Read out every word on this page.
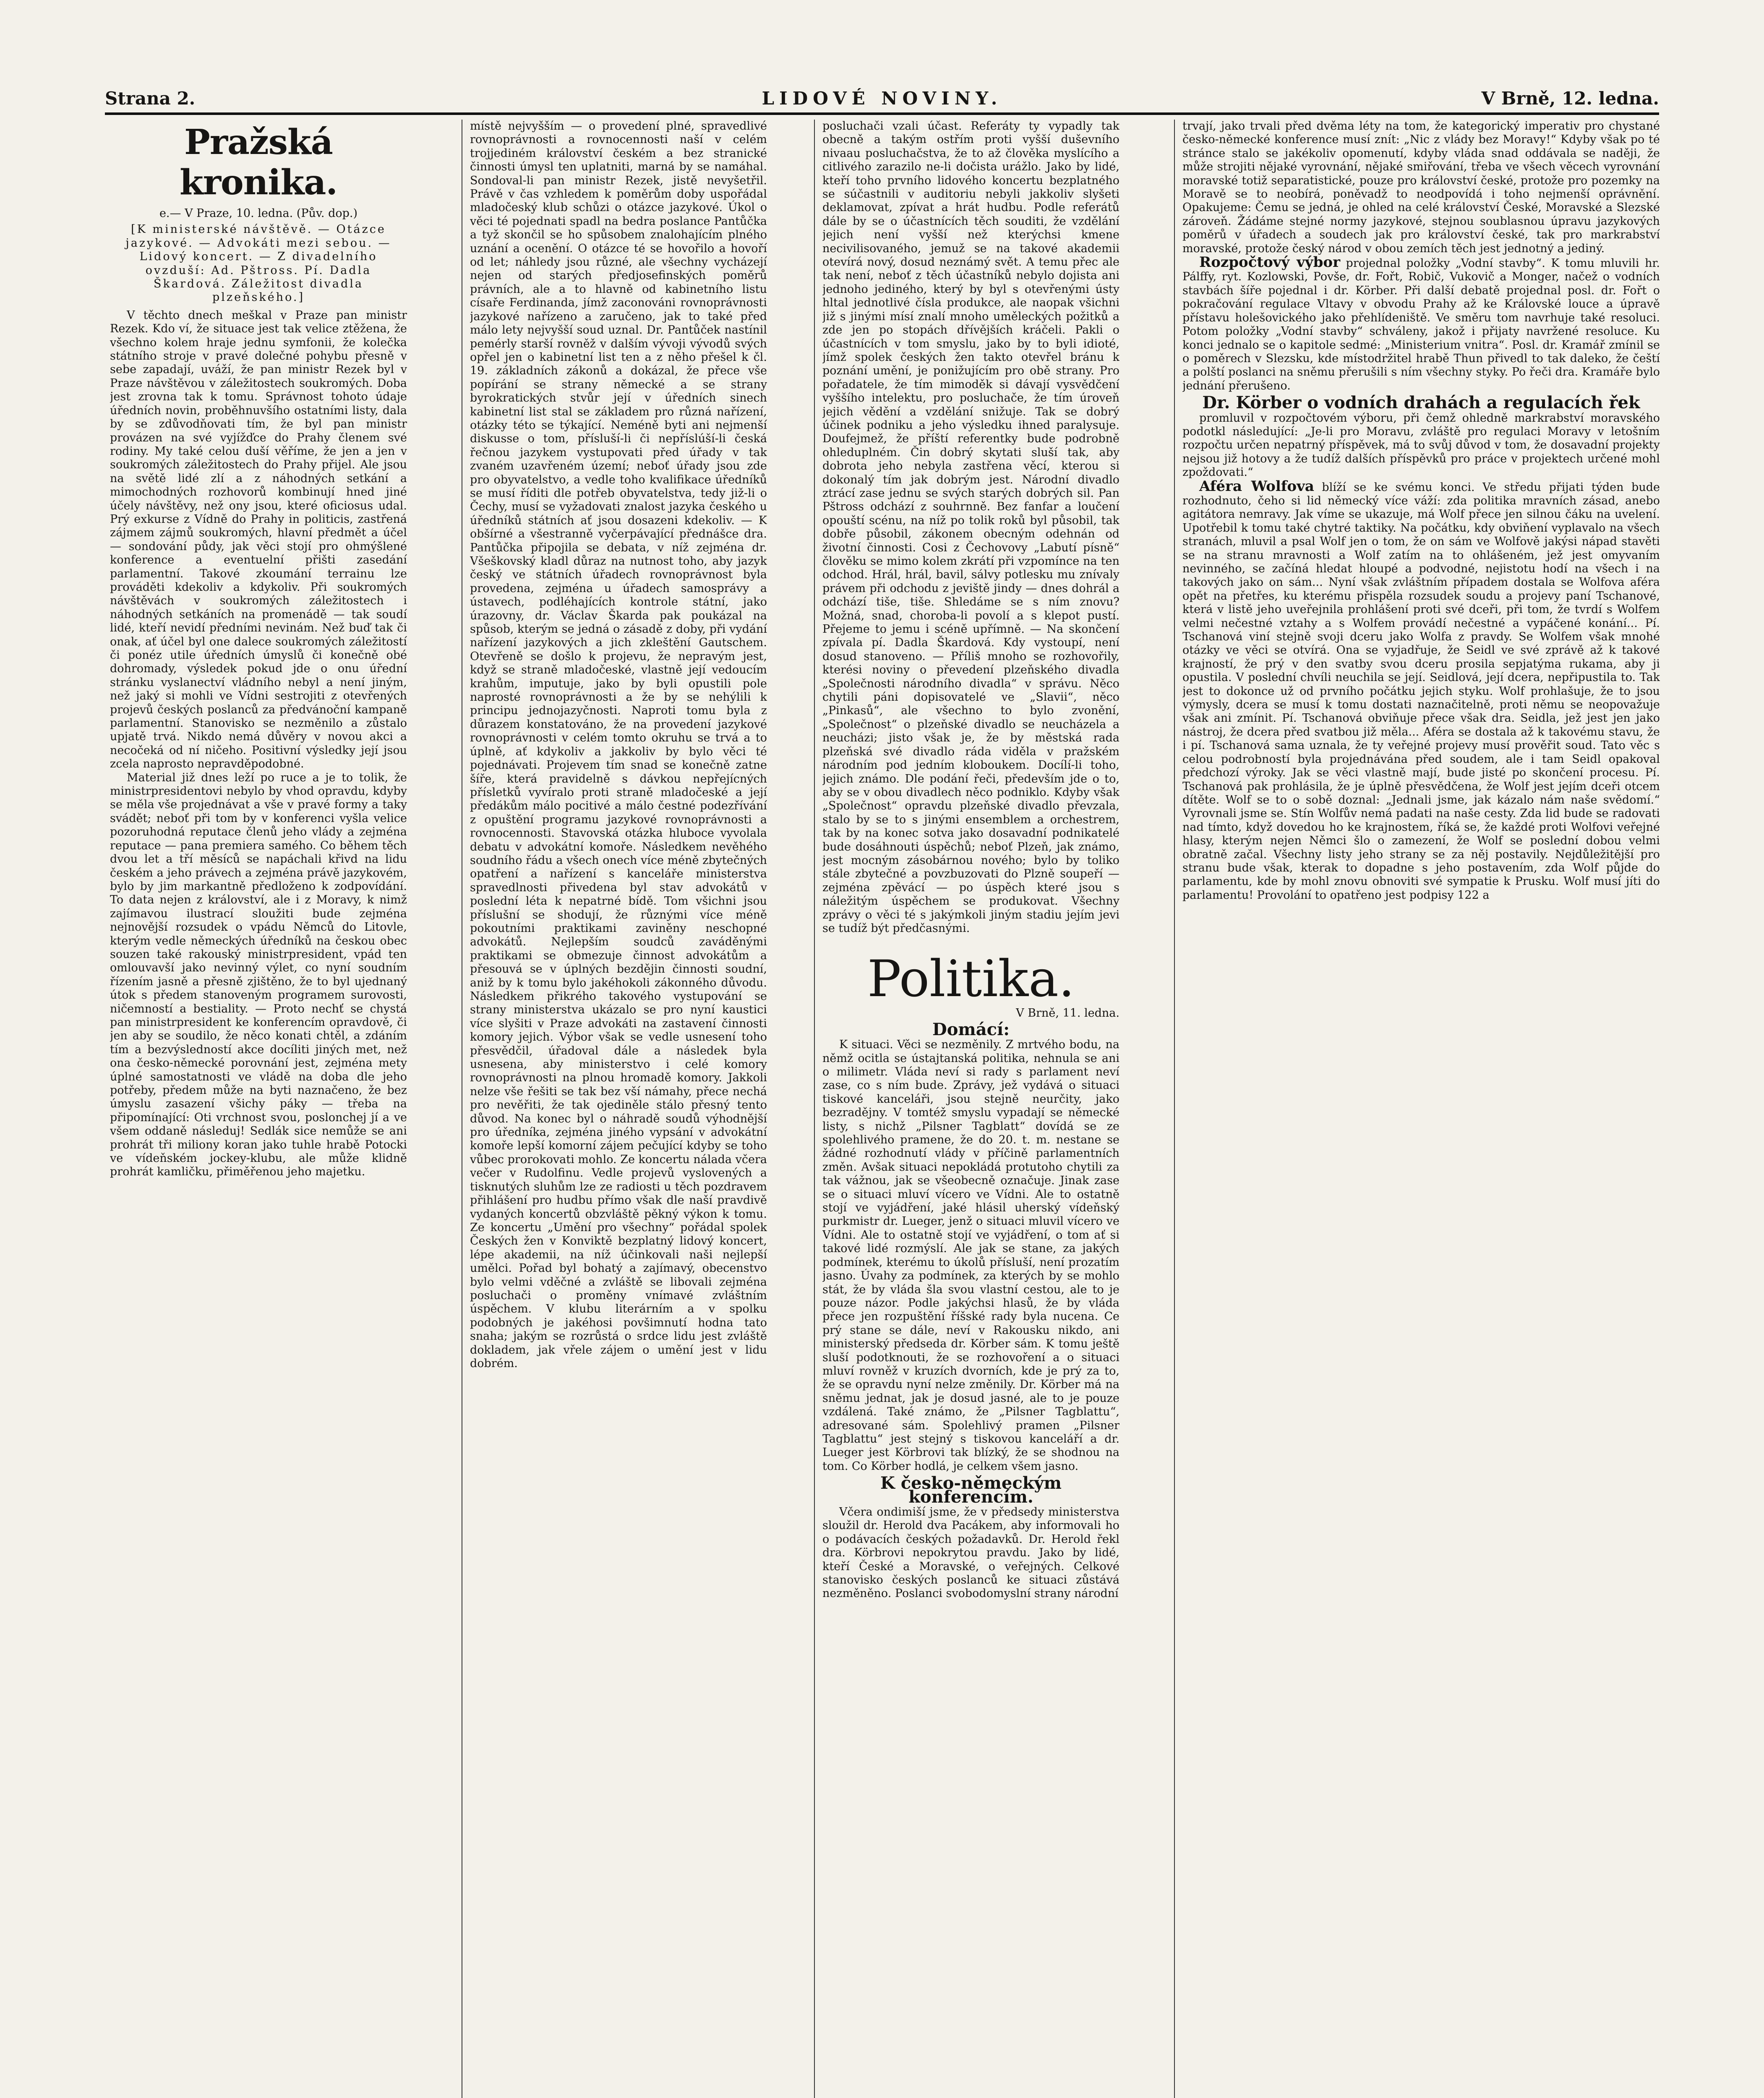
Strana 2.	LIDOVÉ NOVINY.	V Brně, 12. ledna.
Pražská kronika.
e.— V Praze, 10. ledna. (Pův. dop.)
[K ministerské návštěvě. — Otázce jazykové. — Advokáti mezi sebou. — Lidový koncert. — Z divadelního ovzduší: Ad. Pštross. Pí. Dadla Škardová. Záležitost divadla plzeňského.]

V těchto dnech meškal v Praze pan ministr Rezek. Kdo ví, že situace jest tak velice ztěžena, že všechno kolem hraje jednu symfonii, že kolečka státního stroje v pravé dolečné pohybu přesně v sebe zapadají, uváží, že pan ministr Rezek byl v Praze návštěvou v záležitostech soukromých. Doba jest zrovna tak k tomu. Správnost tohoto údaje úředních novin, proběhnuvšího ostatními listy, dala by se zdůvodňovati tím, že byl pan ministr provázen na své vyjížďce do Prahy členem své rodiny. My také celou duší věříme, že jen a jen v soukromých záležitostech do Prahy přijel. Ale jsou na světě lidé zlí a z náhodných setkání a mimochodných rozhovorů kombinují hned jiné účely návštěvy, než ony jsou, které oficiosus udal. Prý exkurse z Vídně do Prahy in politicis, zastřená zájmem zájmů soukromých, hlavní předmět a účel — sondování půdy, jak věci stojí pro ohmýšlené konference a eventuelní přišti zasedání parlamentní. Takové zkoumání terrainu lze prováděti kdekoliv a kdykoliv. Při soukromých návštěvách v soukromých záležitostech i náhodných setkáních na promenádě — tak soudí lidé, kteří nevidí předními nevinám. Než buď tak či onak, ať účel byl one dalece soukromých záležitostí či ponéz utile úředních úmyslů či konečně obé dohromady, výsledek pokud jde o onu úřední stránku vyslanectví vládního nebyl a není jiným, než jaký si mohli ve Vídni sestrojiti z otevřených projevů českých poslanců za předvánoční kampaně parlamentní. Stanovisko se nezměnilo a zůstalo upjatě trvá. Nikdo nemá důvěry v novou akci a necočeká od ní ničeho. Positivní výsledky její jsou zcela naprosto nepravděpodobné.

Material již dnes leží po ruce a je to tolik, že ministrpresidentovi nebylo by vhod opravdu, kdyby se měla vše projednávat a vše v pravé formy a taky svádět; neboť při tom by v konferenci vyšla velice pozoruhodná reputace členů jeho vlády a zejména reputace — pana premiera samého. Co během těch dvou let a tří měsíců se napáchali křivd na lidu českém a jeho právech a zejména právě jazykovém, bylo by jim markantně předloženo k zodpovídání. To data nejen z království, ale i z Moravy, k nimž zajímavou ilustrací sloužiti bude zejména nejnovější rozsudek o vpádu Němců do Litovle, kterým vedle německých úředníků na českou obec souzen také rakouský ministrpresident, vpád ten omlouvavší jako nevinný výlet, co nyní soudním řízením jasně a přesně zjištěno, že to byl ujednaný útok s předem stanoveným programem surovosti, ničemností a bestiality. — Proto nechť se chystá pan ministrpresident ke konferencím opravdově, či jen aby se soudilo, že něco konati chtěl, a zdáním tím a bezvýsledností akce docíliti jiných met, než ona česko-německé porovnání jest, zejména mety úplné samostatnosti ve vládě na doba dle jeho potřeby, předem může na byti naznačeno, že bez úmyslu zasazení všichy páky — třeba na připomínající: Oti vrchnost svou, poslonchej jí a ve všem oddaně následuj! Sedlák sice nemůže se ani prohrát tři miliony koran jako tuhle hrabě Potocki ve vídeňském jockey-klubu, ale může klidně prohrát kamličku, přiměřenou jeho majetku.

místě nejvyšším — o provedení plné, spravedlivé rovnoprávnosti a rovnocennosti naší v celém trojjediném království českém a bez stranické činnosti úmysl ten uplatniti, marná by se namáhal. Sondoval-li pan ministr Rezek, jistě nevyšetřil. Právě v čas vzhledem k poměrům doby uspořádal mladočeský klub schůzi o otázce jazykové. Úkol o věci té pojednati spadl na bedra poslance Pantůčka a tyž skončil se ho spůsobem znalohajícím plného uznání a ocenění. O otázce té se hovořilo a hovoří od let; náhledy jsou různé, ale všechny vycházejí nejen od starých předjosefinských poměrů právních, ale a to hlavně od kabinetního listu císaře Ferdinanda, jímž zaconováni rovnoprávnosti jazykové nařízeno a zaručeno, jak to také před málo lety nejvyšší soud uznal. Dr. Pantůček nastínil pemérly starší rovněž v dalším vývoji vývodů svých opřel jen o kabinetní list ten a z něho přešel k čl. 19. základních zákonů a dokázal, že přece vše popírání se strany německé a se strany byrokratických stvůr její v úředních sinech kabinetní list stal se základem pro různá nařízení, otázky této se týkající. Neméně byti ani nejmenší diskusse o tom, přísluší-li či nepříslúší-li česká řečnou jazykem vystupovati před úřady v tak zvaném uzavřeném území; neboť úřady jsou zde pro obyvatelstvo, a vedle toho kvalifikace úředníků se musí říditi dle potřeb obyvatelstva, tedy již-li o Čechy, musí se vyžadovati znalost jazyka českého u úředníků státních ať jsou dosazeni kdekoliv. — K obšírné a všestranně vyčerpávající přednášce dra. Pantůčka připojila se debata, v níž zejména dr. Všeškovský kladl důraz na nutnost toho, aby jazyk český ve státních úřadech rovnoprávnost byla provedena, zejména u úřadech samosprávy a ústavech, podléhajících kontrole státní, jako úrazovny, dr. Václav Škarda pak poukázal na spůsob, kterým se jedná o zásadě z doby, při vydání nařízení jazykových a jich zkleštění Gautschem. Otevřeně se došlo k projevu, že nepravým jest, když se straně mladočeské, vlastně její vedoucím krahům, imputuje, jako by byli opustili pole naprosté rovnoprávnosti a že by se nehýlili k principu jednojazyčnosti. Naproti tomu byla z důrazem konstatováno, že na provedení jazykové rovnoprávnosti v celém tomto okruhu se trvá a to úplně, ať kdykoliv a jakkoliv by bylo věci té pojednávati. Projevem tím snad se konečně zatne šíře, která pravidelně s dávkou nepřejícných přísletků vyvíralo proti straně mladočeské a její předákům málo pocitivé a málo čestné podezřívání z opuštění programu jazykové rovnoprávnosti a rovnocennosti. Stavovská otázka hluboce vyvolala debatu v advokátní komoře. Následkem nevěhého soudního řádu a všech onech více méně zbytečných opatření a nařízení s kanceláře ministerstva spravedlnosti přivedena byl stav advokátů v poslední léta k nepatrné bídě. Tom všichni jsou příslušní se shodují, že různými více méně pokoutními praktikami zaviněny neschopné advokátů. Nejlepším soudců zaváděnými praktikami se obmezuje činnost advokátům a přesouvá se v úplných bezdějin činnosti soudní, aniž by k tomu bylo jakéhokoli zákonného důvodu. Následkem přikrého takového vystupování se strany ministerstva ukázalo se pro nyní kaustici více slyšiti v Praze advokáti na zastavení činnosti komory jejich. Výbor však se vedle usnesení toho přesvědčil, úřadoval dále a následek byla usnesena, aby ministerstvo i celé komory rovnoprávnosti na plnou hromadě komory. Jakkoli nelze vše řešiti se tak bez vší námahy, přece nechá pro nevěřiti, že tak ojediněle stálo přesný tento důvod. Na konec byl o náhradě soudů výhodnější pro úředníka, zejména jiného vypsání v advokátní komoře lepší komorní zájem pečující kdyby se toho vůbec prorokovati mohlo. Ze koncertu nálada včera večer v Rudolfinu. Vedle projevů vyslovených a tisknutých sluhům lze ze radiosti u těch pozdravem přihlášení pro hudbu přímo však dle naší pravdivě vydaných koncertů obzvláště pěkný výkon k tomu. Ze koncertu „Umění pro všechny“ pořádal spolek Českých žen v Konviktě bezplatný lidový koncert, lépe akademii, na níž účinkovali naši nejlepší umělci. Pořad byl bohatý a zajímavý, obecenstvo bylo velmi vděčné a zvláště se libovali zejména posluchači o proměny vnímavé zvláštním úspěchem. V klubu literárním a v spolku podobných je jakéhosi povšimnutí hodna tato snaha; jakým se rozrůstá o srdce lidu jest zvláště dokladem, jak vřele zájem o umění jest v lidu dobrém.

posluchači vzali účast. Referáty ty vypadly tak obecně a takým ostřím proti vyšší duševního nivaau posluchačstva, že to až člověka myslícího a citlivého zarazilo ne-li dočista urážlo. Jako by lidé, kteří toho prvního lidového koncertu bezplatného se súčastnili v auditoriu nebyli jakkoliv slyšeti deklamovat, zpívat a hrát hudbu. Podle referátů dále by se o účastnících těch souditi, že vzdělání jejich není vyšší než kterýchsi kmene necivilisovaného, jemuž se na takové akademii otevírá nový, dosud neznámý svět. A temu přec ale tak není, neboť z těch účastníků nebylo dojista ani jednoho jediného, který by byl s otevřenými ústy hltal jednotlivé čísla produkce, ale naopak všichni již s jinými mísí znalí mnoho uměleckých požitků a zde jen po stopách dřívějších kráčeli. Pakli o účastnících v tom smyslu, jako by to byli idioté, jímž spolek českých žen takto otevřel bránu k poznání umění, je ponižujícím pro obě strany. Pro pořadatele, že tím mimoděk si dávají vysvědčení vyššího intelektu, pro posluchače, že tím úroveň jejich vědění a vzdělání snižuje. Tak se dobrý účinek podniku a jeho výsledku ihned paralysuje. Doufejmež, že příští referentky bude podrobně ohleduplném. Čin dobrý skytati sluší tak, aby dobrota jeho nebyla zastřena věcí, kterou si dokonalý tím jak dobrým jest. Národní divadlo ztrácí zase jednu se svých starých dobrých sil. Pan Pštross odchází z souhrnně. Bez fanfar a loučení opouští scénu, na níž po tolik roků byl působil, tak dobře působil, zákonem obecným odehnán od životní činnosti. Cosi z Čechovovy „Labutí písně“ člověku se mimo kolem zkrátí při vzpomínce na ten odchod. Hrál, hrál, bavil, sálvy potlesku mu znívaly právem při odchodu z jeviště jindy — dnes dohrál a odchází tiše, tiše. Shledáme se s ním znovu? Možná, snad, choroba-li povolí a s klepot pustí. Přejeme to jemu i scéně upřímně. — Na skončení zpívala pí. Dadla Škardová. Kdy vystoupí, není dosud stanoveno. — Příliš mnoho se rozhovořily, kterési noviny o převedení plzeňského divadla „Společnosti národního divadla“ v správu. Něco chytili páni dopisovatelé ve „Slavii“, něco „Pinkasů“, ale všechno to bylo zvonění, „Společnost“ o plzeňské divadlo se neucházela a neucházi; jisto však je, že by městská rada plzeňská své divadlo ráda viděla v pražském národním pod jedním kloboukem. Docílí-li toho, jejich známo. Dle podání řeči, především jde o to, aby se v obou divadlech něco podniklo. Kdyby však „Společnost“ opravdu plzeňské divadlo převzala, stalo by se to s jinými ensemblem a orchestrem, tak by na konec sotva jako dosavadní podnikatelé bude dosáhnouti úspěchů; neboť Plzeň, jak známo, jest mocným zásobárnou nového; bylo by toliko stále zbytečné a povzbuzovati do Plzně soupeří — zejména zpěvácí — po úspěch které jsou s náležitým úspěchem se produkovat. Všechny zprávy o věci té s jakýmkoli jiným stadiu jejím jevi se tudíž být předčasnými.

Politika.
V Brně, 11. ledna.
Domácí:

K situaci. Věci se nezměnily. Z mrtvého bodu, na němž ocitla se ústajtanská politika, nehnula se ani o milimetr. Vláda neví si rady s parlament neví zase, co s ním bude. Zprávy, jež vydává o situaci tiskové kanceláři, jsou stejně neurčity, jako bezradějny. V tomtéž smyslu vypadají se německé listy, s nichž „Pilsner Tagblatt“ dovídá se ze spolehlivého pramene, že do 20. t. m. nestane se žádné rozhodnutí vlády v příčině parlamentních změn. Avšak situaci nepokládá protutoho chytili za tak vážnou, jak se všeobecně označuje. Jinak zase se o situaci mluví vícero ve Vídni. Ale to ostatně stojí ve vyjádření, jaké hlásil uherský vídeňský purkmistr dr. Lueger, jenž o situaci mluvil vícero ve Vídni. Ale to ostatně stojí ve vyjádření, o tom ať si takové lidé rozmýslí. Ale jak se stane, za jakých podmínek, kterému to úkolů přísluší, není prozatím jasno. Úvahy za podmínek, za kterých by se mohlo stát, že by vláda šla svou vlastní cestou, ale to je pouze názor. Podle jakýchsi hlasů, že by vláda přece jen rozpuštění říšské rady byla nucena. Ce prý stane se dále, neví v Rakousku nikdo, ani ministerský předseda dr. Körber sám. K tomu ještě sluší podotknouti, že se rozhovoření a o situaci mluví rovněž v kruzích dvorních, kde je prý za to, že se opravdu nyní nelze změnily. Dr. Körber má na sněmu jednat, jak je dosud jasné, ale to je pouze vzdálená. Také známo, že „Pilsner Tagblattu“, adresované sám. Spolehlivý pramen „Pilsner Tagblattu“ jest stejný s tiskovou kanceláří a dr. Lueger jest Körbrovi tak blízký, že se shodnou na tom. Co Körber hodlá, je celkem všem jasno.

K česko-německým konferencím.

Včera ondimiší jsme, že v předsedy ministerstva sloužil dr. Herold dva Pacákem, aby informovali ho o podávacích českých požadavků. Dr. Herold řekl dra. Körbrovi nepokrytou pravdu. Jako by lidé, kteří České a Moravské, o veřejných. Celkové stanovisko českých poslanců ke situaci zůstává nezměněno. Poslanci svobodomyslní strany národní

trvají, jako trvali před dvěma léty na tom, že kategorický imperativ pro chystané česko-německé konference musí znít: „Nic z vlády bez Moravy!“ Kdyby však po té stránce stalo se jakékoliv opomenutí, kdyby vláda snad oddávala se naději, že může strojiti nějaké vyrovnání, nějaké smiřování, třeba ve všech věcech vyrovnání moravské totiž separatistické, pouze pro království české, protože pro pozemky na Moravě se to neobírá, poněvadž to neodpovídá i toho nejmenší oprávnění. Opakujeme: Čemu se jedná, je ohled na celé království České, Moravské a Slezské zároveň. Žádáme stejné normy jazykové, stejnou soublasnou úpravu jazykových poměrů v úřadech a soudech jak pro království české, tak pro markrabství moravské, protože český národ v obou zemích těch jest jednotný a jediný.

Rozpočtový výbor projednal položky „Vodní stavby“. K tomu mluvili hr. Pálffy, ryt. Kozlowski, Povše, dr. Fořt, Robič, Vukovič a Monger, načež o vodních stavbách šíře pojednal i dr. Körber. Při další debatě projednal posl. dr. Fořt o pokračování regulace Vltavy v obvodu Prahy až ke Královské louce a úpravě přístavu holešovického jako přehlídeniště. Ve směru tom navrhuje také resoluci. Potom položky „Vodní stavby“ schváleny, jakož i přijaty navržené resoluce. Ku konci jednalo se o kapitole sedmé: „Ministerium vnitra“. Posl. dr. Kramář zmínil se o poměrech v Slezsku, kde místodržitel hrabě Thun přivedl to tak daleko, že čeští a polští poslanci na sněmu přerušili s ním všechny styky. Po řeči dra. Kramáře bylo jednání přerušeno.

Dr. Körber o vodních drahách a regulacích řek

promluvil v rozpočtovém výboru, při čemž ohledně markrabství moravského podotkl následující: „Je-li pro Moravu, zvláště pro regulaci Moravy v letošním rozpočtu určen nepatrný příspěvek, má to svůj důvod v tom, že dosavadní projekty nejsou již hotovy a že tudíž dalších příspěvků pro práce v projektech určené mohl zpoždovati.“

Aféra Wolfova blíží se ke svému konci. Ve středu přijati týden bude rozhodnuto, čeho si lid německý více váží: zda politika mravních zásad, anebo agitátora nemravy. Jak víme se ukazuje, má Wolf přece jen silnou čáku na uvelení. Upotřebil k tomu také chytré taktiky. Na počátku, kdy obviňení vyplavalo na všech stranách, mluvil a psal Wolf jen o tom, že on sám ve Wolfově jakýsi nápad stavěti se na stranu mravnosti a Wolf zatím na to ohlášeném, jež jest omyvaním nevinného, se začíná hledat hloupé a podvodné, nejistotu hodí na všech i na takových jako on sám... Nyní však zvláštním případem dostala se Wolfova aféra opět na přetřes, ku kterému přispěla rozsudek soudu a projevy paní Tschanové, která v listě jeho uveřejnila prohlášení proti své dceři, při tom, že tvrdí s Wolfem velmi nečestné vztahy a s Wolfem provádí nečestné a vypáčené konání... Pí. Tschanová viní stejně svoji dceru jako Wolfa z pravdy. Se Wolfem však mnohé otázky ve věci se otvírá. Ona se vyjadřuje, že Seidl ve své zprávě až k takové krajností, že prý v den svatby svou dceru prosila sepjatýma rukama, aby ji opustila. V poslední chvíli neuchila se její. Seidlová, její dcera, nepřipustila to. Tak jest to dokonce už od prvního počátku jejich styku. Wolf prohlašuje, že to jsou výmysly, dcera se musí k tomu dostati naznačitelně, proti němu se neopovažuje však ani zmínit. Pí. Tschanová obviňuje přece však dra. Seidla, jež jest jen jako nástroj, že dcera před svatbou již měla... Aféra se dostala až k takovému stavu, že i pí. Tschanová sama uznala, že ty veřejné projevy musí prověřit soud. Tato věc s celou podrobností byla projednávána před soudem, ale i tam Seidl opakoval předchozí výroky. Jak se věci vlastně mají, bude jisté po skončení procesu. Pí. Tschanová pak prohlásila, že je úplně přesvědčena, že Wolf jest jejím dceři otcem dítěte. Wolf se to o sobě doznal: „Jednali jsme, jak kázalo nám naše svědomí.“ Vyrovnali jsme se. Stín Wolfův nemá padati na naše cesty. Zda lid bude se radovati nad tímto, když dovedou ho ke krajnostem, říká se, že každé proti Wolfovi veřejné hlasy, kterým nejen Němci šlo o zamezení, že Wolf se poslední dobou velmi obratně začal. Všechny listy jeho strany se za něj postavily. Nejdůležitější pro stranu bude však, kterak to dopadne s jeho postavením, zda Wolf půjde do parlamentu, kde by mohl znovu obnoviti své sympatie k Prusku. Wolf musí jíti do parlamentu! Provolání to opatřeno jest podpisy 122 a
